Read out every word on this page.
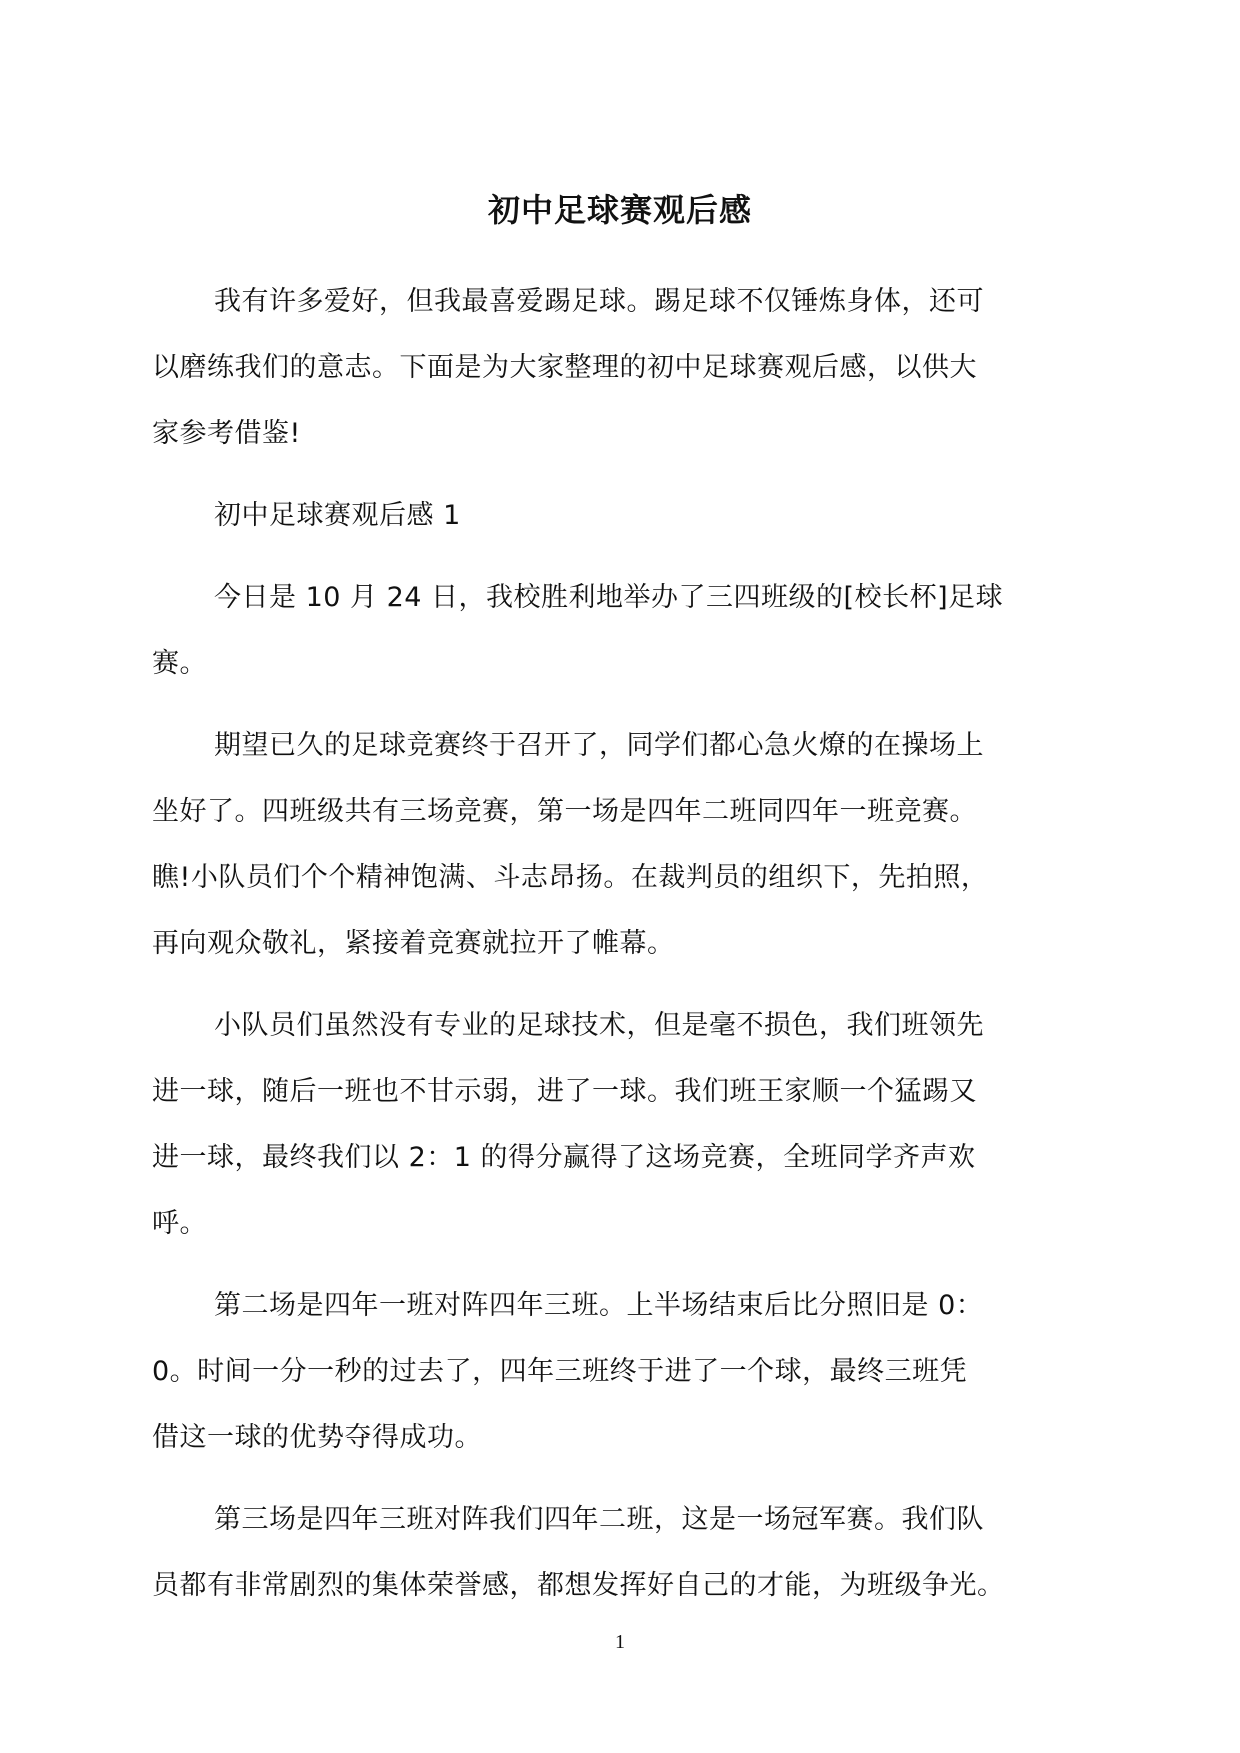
初中足球赛观后感
我有许多爱好，但我最喜爱踢足球。踢足球不仅锤炼身体，还可
以磨练我们的意志。下面是为大家整理的初中足球赛观后感，以供大
家参考借鉴!
初中足球赛观后感 1
今日是 10 月 24 日，我校胜利地举办了三四班级的[校长杯]足球
赛。
期望已久的足球竞赛终于召开了，同学们都心急火燎的在操场上
坐好了。四班级共有三场竞赛，第一场是四年二班同四年一班竞赛。
瞧!小队员们个个精神饱满、斗志昂扬。在裁判员的组织下，先拍照，
再向观众敬礼，紧接着竞赛就拉开了帷幕。
小队员们虽然没有专业的足球技术，但是毫不损色，我们班领先
进一球，随后一班也不甘示弱，进了一球。我们班王家顺一个猛踢又
进一球，最终我们以 2：1 的得分赢得了这场竞赛，全班同学齐声欢
呼。
第二场是四年一班对阵四年三班。上半场结束后比分照旧是 0：
0。时间一分一秒的过去了，四年三班终于进了一个球，最终三班凭
借这一球的优势夺得成功。
第三场是四年三班对阵我们四年二班，这是一场冠军赛。我们队
员都有非常剧烈的集体荣誉感，都想发挥好自己的才能，为班级争光。
1
